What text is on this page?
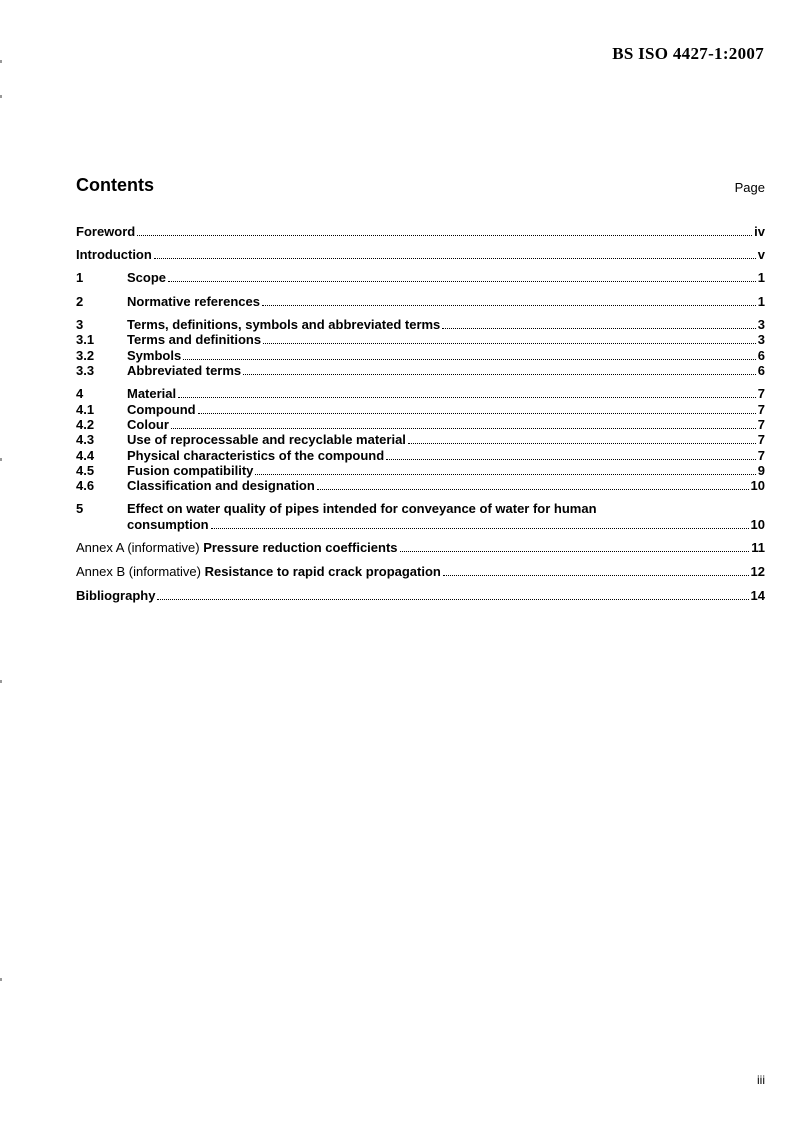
BS ISO 4427-1:2007
Contents	Page
Foreword	iv
Introduction	v
1	Scope	1
2	Normative references	1
3	Terms, definitions, symbols and abbreviated terms	3
3.1	Terms and definitions	3
3.2	Symbols	6
3.3	Abbreviated terms	6
4	Material	7
4.1	Compound	7
4.2	Colour	7
4.3	Use of reprocessable and recyclable material	7
4.4	Physical characteristics of the compound	7
4.5	Fusion compatibility	9
4.6	Classification and designation	10
5	Effect on water quality of pipes intended for conveyance of water for human
consumption	10
Annex A (informative) Pressure reduction coefficients	11
Annex B (informative) Resistance to rapid crack propagation	12
Bibliography	14
iii
